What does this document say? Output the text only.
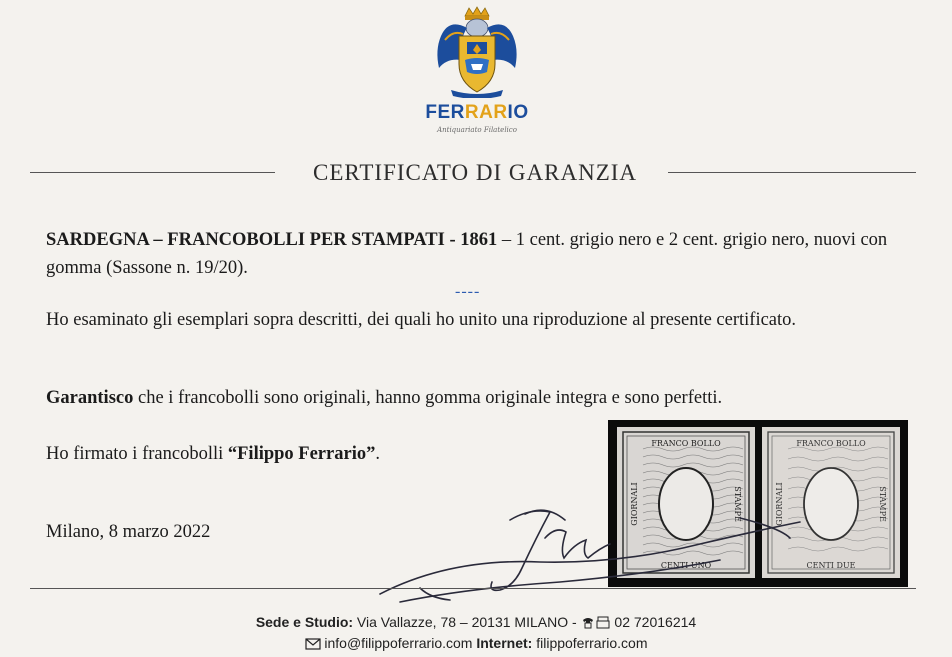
FERRARIO
Antiquariato Filatelico
CERTIFICATO DI GARANZIA
SARDEGNA – FRANCOBOLLI PER STAMPATI - 1861 – 1 cent. grigio nero e 2 cent. grigio nero, nuovi con gomma (Sassone n. 19/20).
----
Ho esaminato gli esemplari sopra descritti, dei quali ho unito una riproduzione al presente certificato.
Garantisco che i francobolli sono originali, hanno gomma originale integra e sono perfetti.
Ho firmato i francobolli “Filippo Ferrario”.
Milano, 8 marzo 2022
FRANCO BOLLO
CENTI UNO
GIORNALI	STAMPE
FRANCO BOLLO
CENTI DUE
GIORNALI	STAMPE
Sede e Studio: Via Vallazze, 78 – 20131 MILANO -  02 72016214
info@filippoferrario.com Internet: filippoferrario.com
